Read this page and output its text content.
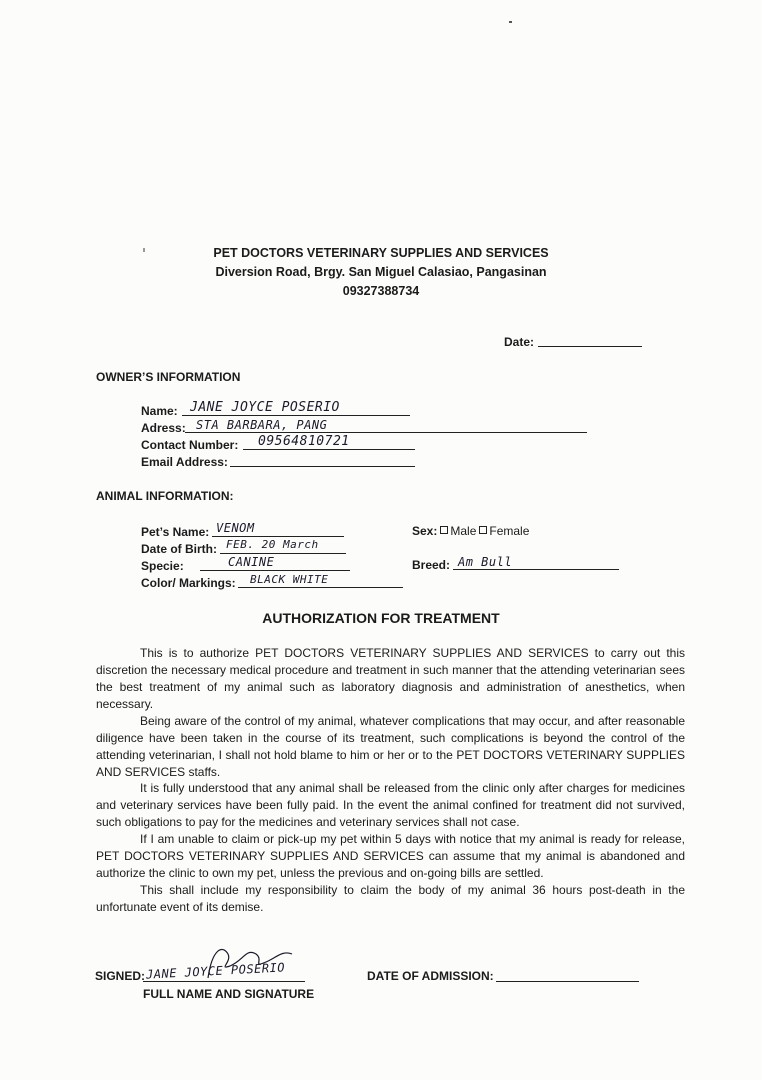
PET DOCTORS VETERINARY SUPPLIES AND SERVICES
Diversion Road, Brgy. San Miguel Calasiao, Pangasinan
09327388734
Date:
OWNER’S INFORMATION
Name: JANE JOYCE POSERIO
Adress: STA BARBARA, PANG
Contact Number: 09564810721
Email Address:
ANIMAL INFORMATION:
Pet’s Name: VENOM
Date of Birth: FEB. 20 March
Specie:	CANINE
Color/ Markings: BLACK WHITE
Sex: Male Female
Breed: Am Bull
AUTHORIZATION FOR TREATMENT

This is to authorize PET DOCTORS VETERINARY SUPPLIES AND SERVICES to carry out this discretion the necessary medical procedure and treatment in such manner that the attending veterinarian sees the best treatment of my animal such as laboratory diagnosis and administration of anesthetics, when necessary.

Being aware of the control of my animal, whatever complications that may occur, and after reasonable diligence have been taken in the course of its treatment, such complications is beyond the control of the attending veterinarian, I shall not hold blame to him or her or to the PET DOCTORS VETERINARY SUPPLIES AND SERVICES staffs.

It is fully understood that any animal shall be released from the clinic only after charges for medicines and veterinary services have been fully paid. In the event the animal confined for treatment did not survived, such obligations to pay for the medicines and veterinary services shall not case.

If I am unable to claim or pick-up my pet within 5 days with notice that my animal is ready for release, PET DOCTORS VETERINARY SUPPLIES AND SERVICES can assume that my animal is abandoned and authorize the clinic to own my pet, unless the previous and on-going bills are settled.

This shall include my responsibility to claim the body of my animal 36 hours post-death in the unfortunate event of its demise.

SIGNED: JANE JOYCE POSERIO
FULL NAME AND SIGNATURE
DATE OF ADMISSION:
